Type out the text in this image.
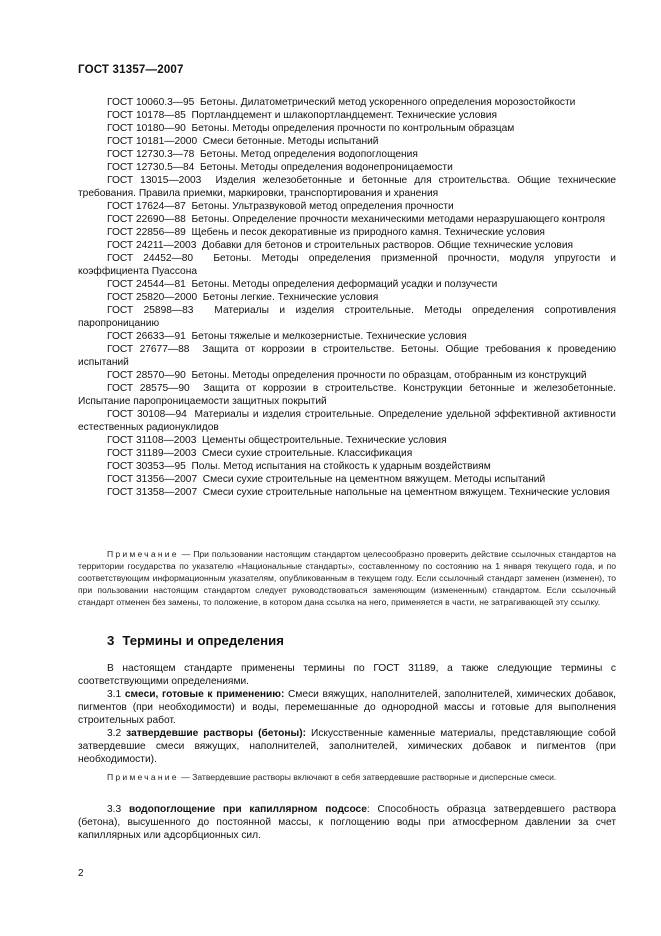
ГОСТ 31357—2007
ГОСТ 10060.3—95 Бетоны. Дилатометрический метод ускоренного определения морозостойкости
ГОСТ 10178—85 Портландцемент и шлакопортландцемент. Технические условия
ГОСТ 10180—90 Бетоны. Методы определения прочности по контрольным образцам
ГОСТ 10181—2000 Смеси бетонные. Методы испытаний
ГОСТ 12730.3—78 Бетоны. Метод определения водопоглощения
ГОСТ 12730.5—84 Бетоны. Методы определения водонепроницаемости
ГОСТ 13015—2003 Изделия железобетонные и бетонные для строительства. Общие технические требования. Правила приемки, маркировки, транспортирования и хранения
ГОСТ 17624—87 Бетоны. Ультразвуковой метод определения прочности
ГОСТ 22690—88 Бетоны. Определение прочности механическими методами неразрушающего контроля
ГОСТ 22856—89 Щебень и песок декоративные из природного камня. Технические условия
ГОСТ 24211—2003 Добавки для бетонов и строительных растворов. Общие технические условия
ГОСТ 24452—80 Бетоны. Методы определения призменной прочности, модуля упругости и коэффициента Пуассона
ГОСТ 24544—81 Бетоны. Методы определения деформаций усадки и ползучести
ГОСТ 25820—2000 Бетоны легкие. Технические условия
ГОСТ 25898—83 Материалы и изделия строительные. Методы определения сопротивления паропроницанию
ГОСТ 26633—91 Бетоны тяжелые и мелкозернистые. Технические условия
ГОСТ 27677—88 Защита от коррозии в строительстве. Бетоны. Общие требования к проведению испытаний
ГОСТ 28570—90 Бетоны. Методы определения прочности по образцам, отобранным из конструкций
ГОСТ 28575—90 Защита от коррозии в строительстве. Конструкции бетонные и железобетонные. Испытание паропроницаемости защитных покрытий
ГОСТ 30108—94 Материалы и изделия строительные. Определение удельной эффективной активности естественных радионуклидов
ГОСТ 31108—2003 Цементы общестроительные. Технические условия
ГОСТ 31189—2003 Смеси сухие строительные. Классификация
ГОСТ 30353—95 Полы. Метод испытания на стойкость к ударным воздействиям
ГОСТ 31356—2007 Смеси сухие строительные на цементном вяжущем. Методы испытаний
ГОСТ 31358—2007 Смеси сухие строительные напольные на цементном вяжущем. Технические условия
Примечание — При пользовании настоящим стандартом целесообразно проверить действие ссылочных стандартов на территории государства по указателю «Национальные стандарты», составленному по состоянию на 1 января текущего года, и по соответствующим информационным указателям, опубликованным в текущем году. Если ссылочный стандарт заменен (изменен), то при пользовании настоящим стандартом следует руководствоваться заменяющим (измененным) стандартом. Если ссылочный стандарт отменен без замены, то положение, в котором дана ссылка на него, применяется в части, не затрагивающей эту ссылку.
3 Термины и определения
В настоящем стандарте применены термины по ГОСТ 31189, а также следующие термины с соответствующими определениями.
3.1 смеси, готовые к применению: Смеси вяжущих, наполнителей, заполнителей, химических добавок, пигментов (при необходимости) и воды, перемешанные до однородной массы и готовые для выполнения строительных работ.
3.2 затвердевшие растворы (бетоны): Искусственные каменные материалы, представляющие собой затвердевшие смеси вяжущих, наполнителей, заполнителей, химических добавок и пигментов (при необходимости).
Примечание — Затвердевшие растворы включают в себя затвердевшие растворные и дисперсные смеси.
3.3 водопоглощение при капиллярном подсосе: Способность образца затвердевшего раствора (бетона), высушенного до постоянной массы, к поглощению воды при атмосферном давлении за счет капиллярных или адсорбционных сил.
2
